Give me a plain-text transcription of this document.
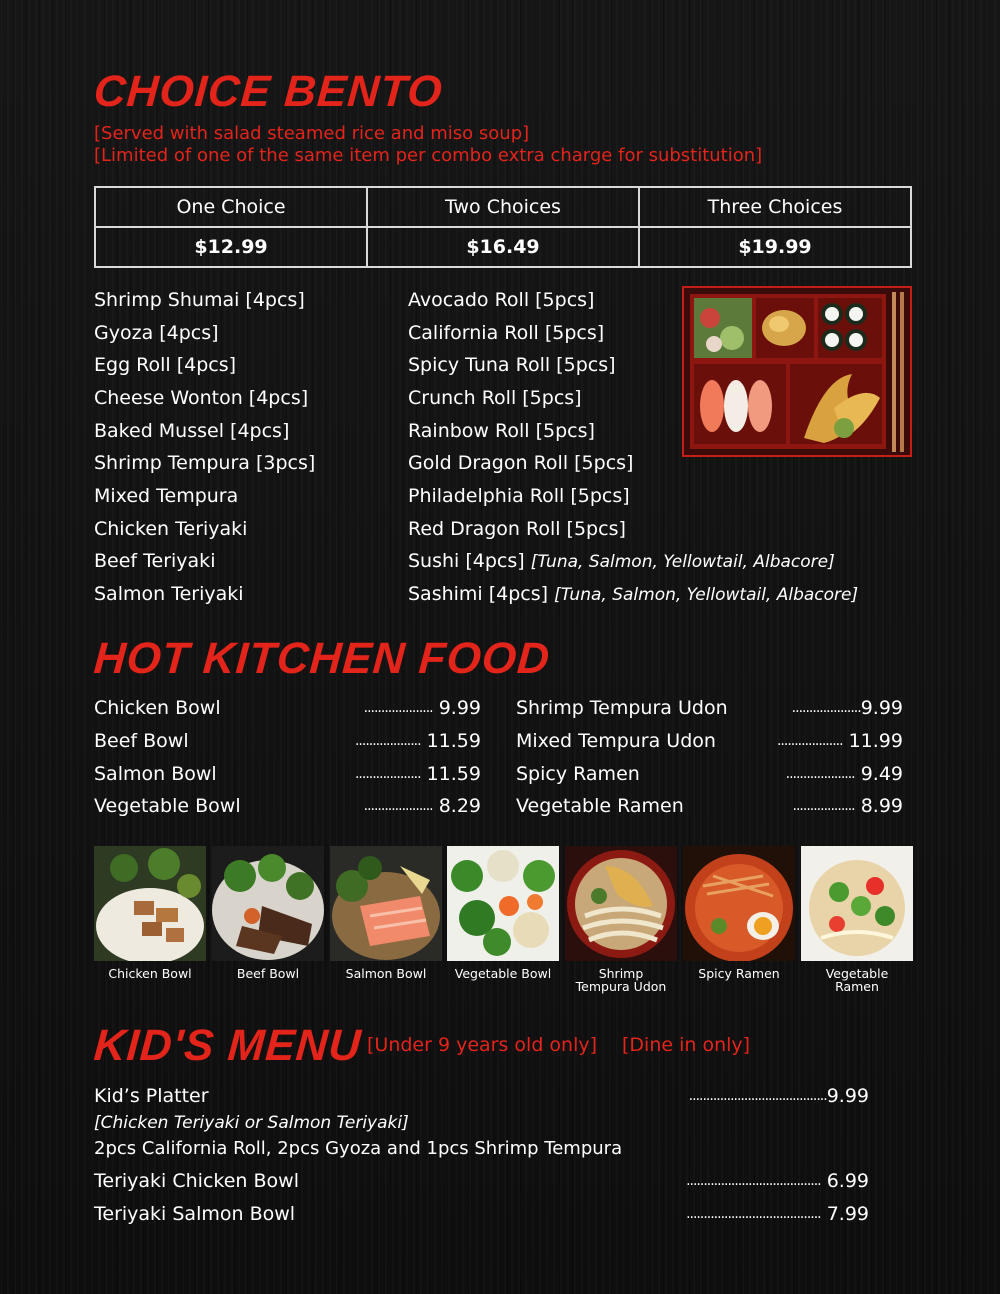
CHOICE BENTO
[Served with salad steamed rice and miso soup]
[Limited of one of the same item per combo extra charge for substitution]
One Choice	Two Choices	Three Choices
$12.99	$16.49	$19.99
Shrimp Shumai [4pcs]
Gyoza [4pcs]
Egg Roll [4pcs]
Cheese Wonton [4pcs]
Baked Mussel [4pcs]
Shrimp Tempura [3pcs]
Mixed Tempura
Chicken Teriyaki
Beef Teriyaki
Salmon Teriyaki
Avocado Roll [5pcs]
California Roll [5pcs]
Spicy Tuna Roll [5pcs]
Crunch Roll [5pcs]
Rainbow Roll [5pcs]
Gold Dragon Roll [5pcs]
Philadelphia Roll [5pcs]
Red Dragon Roll [5pcs]
Sushi [4pcs] [Tuna, Salmon, Yellowtail, Albacore]
Sashimi [4pcs] [Tuna, Salmon, Yellowtail, Albacore]
HOT KITCHEN FOOD
Chicken Bowl	.................... 9.99
Beef Bowl	................... 11.59
Salmon Bowl	................... 11.59
Vegetable Bowl	.................... 8.29
Shrimp Tempura Udon	....................9.99
Mixed Tempura Udon	................... 11.99
Spicy Ramen	.................... 9.49
Vegetable Ramen	.................. 8.99
Chicken Bowl	Beef Bowl	Salmon Bowl	Vegetable Bowl	Shrimp
Tempura Udon
Spicy Ramen	Vegetable
Ramen
KID'S MENU [Under 9 years old only] [Dine in only]
Kid’s Platter	........................................9.99
[Chicken Teriyaki or Salmon Teriyaki]
2pcs California Roll, 2pcs Gyoza and 1pcs Shrimp Tempura
Teriyaki Chicken Bowl	....................................... 6.99
Teriyaki Salmon Bowl	....................................... 7.99
